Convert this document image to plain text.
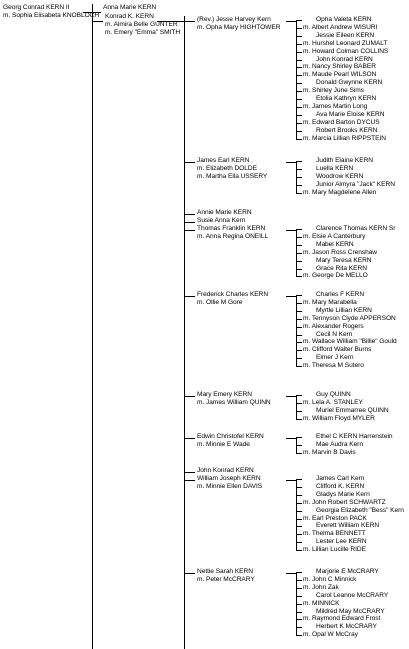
Georg Conrad KERN II
m. Sophia Elisabeta KNOBLOCH
Anna Marie KERN
Konrad K. KERN
m. Almira Belle GUNTER
m. Emery "Emma" SMITH
(Rev.) Jesse Harvey Kern
m. Opha Mary HIGHTOWER
Opha Valeta KERN
m. Albert Andrew WISURI
Jessie Eileen KERN
m. Hurshel Leonard ZUMALT
m. Howard Colman COLLINS
John Konrad KERN
m. Nancy Shirley BABER
m. Maude Pearl WILSON
Donald Gwynne KERN
m. Shirley June Sims
Etolia Kathryn KERN
m. James Martin Long
Ava Marie Eloise KERN
m. Edward Barton DYCUS
Robert Brooks KERN
m. Marcia Lillian RIPPSTEIN
James Earl KERN
m. Elizabeth DOLDE
m. Martha Ella USSERY
Judith Elaine KERN
Luella KERN
Woodrow KERN
Junior Almyra "Jack" KERN
m. Mary Magdelene Allen
Annie Marie KERN
Susie Anna Kern
Thomas Franklin KERN
m. Anna Regina ONEILL
Clarence Thomas KERN Sr
m. Elsie A Canterbury
Mabel KERN
m. Jason Ross Crenshaw
Mary Teresa KERN
Grace Rita KERN
m. George De MELLO
Frederick Charles KERN
m. Ollie M Gore
Charles F KERN
m. Mary Marabella
Myrtle Lillian KERN
m. Tennyson Clyde APPERSON
m. Alexander Rogers
Cecil N Kern
m. Wallace William "Billie" Gould
m. Clifford Walter Burns
Elmer J Kern
m. Theresa M Sutero
Mary Emery KERN
m. James William QUINN
Guy QUINN
m. Lela A. STANLEY
Muriel Emmarree QUINN
m. William Floyd MYLER
Edwin Christofel KERN
m. Minnie E Wade
Ethel C KERN Harrenstein
Mae Audra Kern
m. Marvin B Davis
John Konrad KERN
William Joseph KERN
m. Minnie Ellen DAVIS
James Carl Kern
Clifford K. KERN
Gladys Marie Kern
m. John Robert SCHWARTZ
Georgia Elizabeth "Bess" Kern
m. Earl Preston PACK
Everett William KERN
m. Thelma BENNETT
Lester Lee KERN
m. Lillian Lucille RIDE
Nettie Sarah KERN
m. Peter McCRARY
Marjorie E McCRARY
m. John C Minnick
m. John Zak
Carol Leanne McCRARY
m. MINNICK
Mildred May McCRARY
m. Raymond Edward Frost
Herbert K McCRARY
m. Opal W McCray
